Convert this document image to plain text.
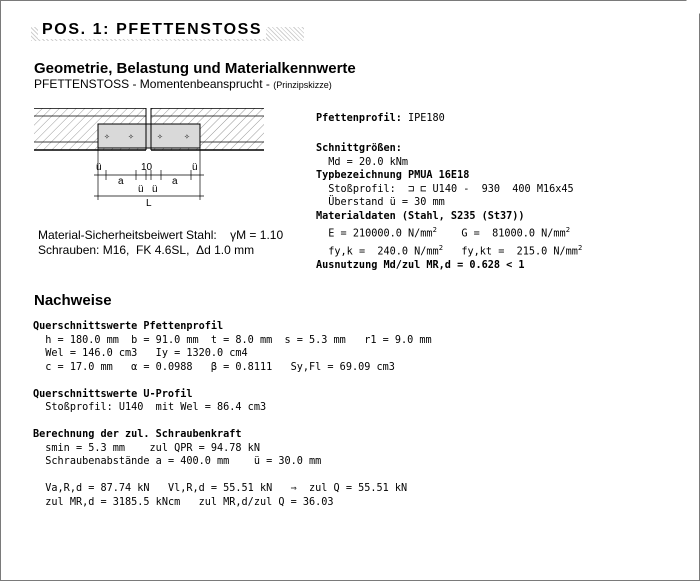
POS. 1: PFETTENSTOSS
Geometrie, Belastung und Materialkennwerte
PFETTENSTOSS - Momentenbeansprucht - (Prinzipskizze)
✧	✧	✧	✧
ü
a
10
a
ü
ü ü
L
Material-Sicherheitsbeiwert Stahl: γM = 1.10
Schrauben: M16,  FK 4.6SL,  Δd 1.0 mm
Pfettenprofil: IPE180
Schnittgrößen:
Md = 20.0 kNm
Typbezeichnung PMUA 16E18
Stoßprofil:  ⊐ ⊏ U140 -  930  400 M16x45
Überstand ü = 30 mm
Materialdaten (Stahl, S235 (St37))
E = 210000.0 $N/mm^2$ G =  81000.0 $N/mm^2$
fy,k =  240.0 $N/mm^2$ fy,kt =  215.0 $N/mm^2$
Ausnutzung Md/zul MR,d = 0.628 < 1
Nachweise
Querschnittswerte Pfettenprofil
h = 180.0 mm  b = 91.0 mm  t = 8.0 mm  s = 5.3 mm   r1 = 9.0 mm
Wel = 146.0 cm3   Iy = 1320.0 cm4
c = 17.0 mm   α = 0.0988   β = 0.8111   Sy,Fl = 69.09 cm3

Querschnittswerte U-Profil
Stoßprofil: U140  mit Wel = 86.4 cm3

Berechnung der zul. Schraubenkraft
smin = 5.3 mm    zul QPR = 94.78 kN
Schraubenabstände a = 400.0 mm    ü = 30.0 mm

Va,R,d = 87.74 kN   Vl,R,d = 55.51 kN   ⇒  zul Q = 55.51 kN
zul MR,d = 3185.5 kNcm   zul MR,d/zul Q = 36.03
